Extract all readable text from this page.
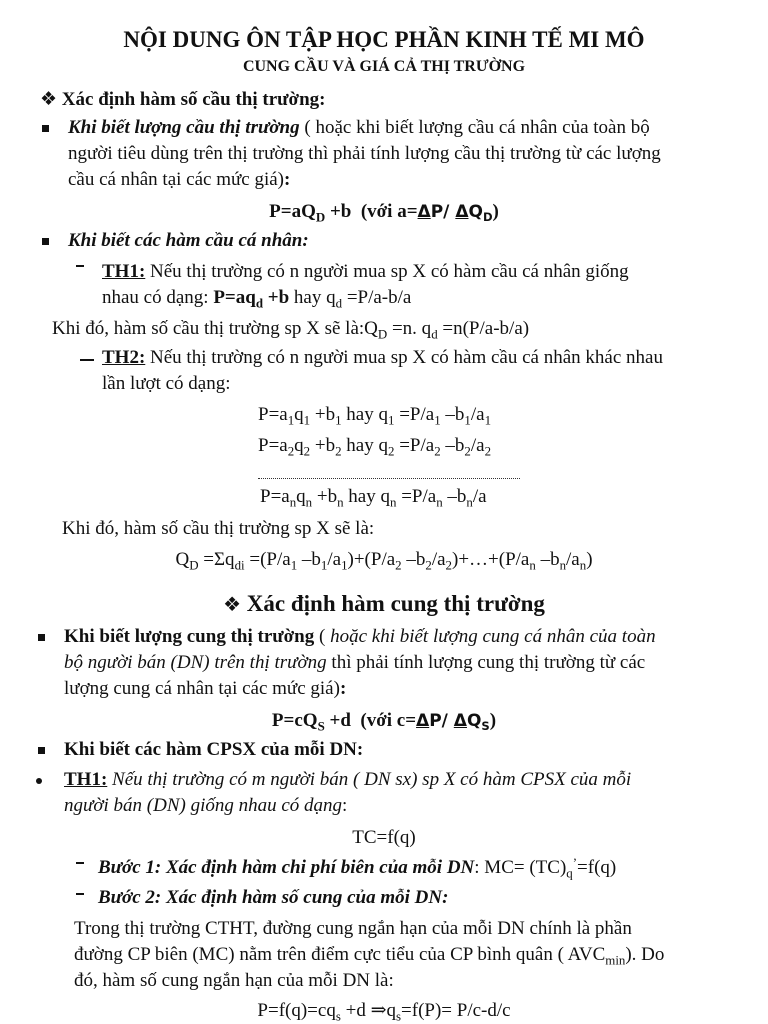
NỘI DUNG ÔN TẬP HỌC PHẦN KINH TẾ MI MÔ
CUNG CẦU VÀ GIÁ CẢ THỊ TRƯỜNG
❖ Xác định hàm số cầu thị trường:
Khi biết lượng cầu thị trường ( hoặc khi biết lượng cầu cá nhân của toàn bộ
người tiêu dùng trên thị trường thì phải tính lượng cầu thị trường từ các lượng
cầu cá nhân tại các mức giá):
$P=aQ_D +b$  (với a=ΔP/ $\Delta Q_D$)
Khi biết các hàm cầu cá nhân:
TH1: Nếu thị trường có n người mua sp X có hàm cầu cá nhân giống
nhau có dạng: $P=aq_d +b$ hay $q_d =P/a-b/a$
Khi đó, hàm số cầu thị trường sp X sẽ $là:Q_D =n$. $q_d =n(P/a-b/a)$
TH2: Nếu thị trường có n người mua sp X có hàm cầu cá nhân khác nhau
lần lượt có dạng:
$P=a_1q_1 +b_1$ hay $q_1 =P/a_1$ $-b_1/a_1$
$P=a_2q_2 +b_2$ hay $q_2 =P/a_2$ $-b_2/a_2$
$P=a_nq_n +b_n$ hay $q_n =P/a_n$ $-b_n/a$
Khi đó, hàm số cầu thị trường sp X sẽ là:
$Q_D =\Sigma q_{di} =(P/a_1$ $-b_1/a_1)+(P/a_2$ $-b_2/a_2)+\dots+(P/a_n$ $-b_n/a_n$)
❖ Xác định hàm cung thị trường
Khi biết lượng cung thị trường ( hoặc khi biết lượng cung cá nhân của toàn
bộ người bán (DN) trên thị trường thì phải tính lượng cung thị trường từ các
lượng cung cá nhân tại các mức giá):
$P=cQ_S +d$  (với c=ΔP/ $\Delta Q_S$)
Khi biết các hàm CPSX của mỗi DN:
TH1: Nếu thị trường có m người bán ( DN sx) sp X có hàm CPSX của mỗi
người bán (DN) giống nhau có dạng:
TC=f(q)
Bước 1: Xác định hàm chi phí biên của mỗi DN: $MC= (TC)_q^’=f(q)$
Bước 2: Xác định hàm số cung của mỗi DN:
Trong thị trường CTHT, đường cung ngắn hạn của mỗi DN chính là phần
đường CP biên (MC) nằm trên điểm cực tiểu của CP bình quân ( $AVC_{min}$). Do
đó, hàm số cung ngắn hạn của mỗi DN là:
$P=f(q)=cq_s +d$ $\Rightarrow q_s=f(P)= P/c-d/c$
